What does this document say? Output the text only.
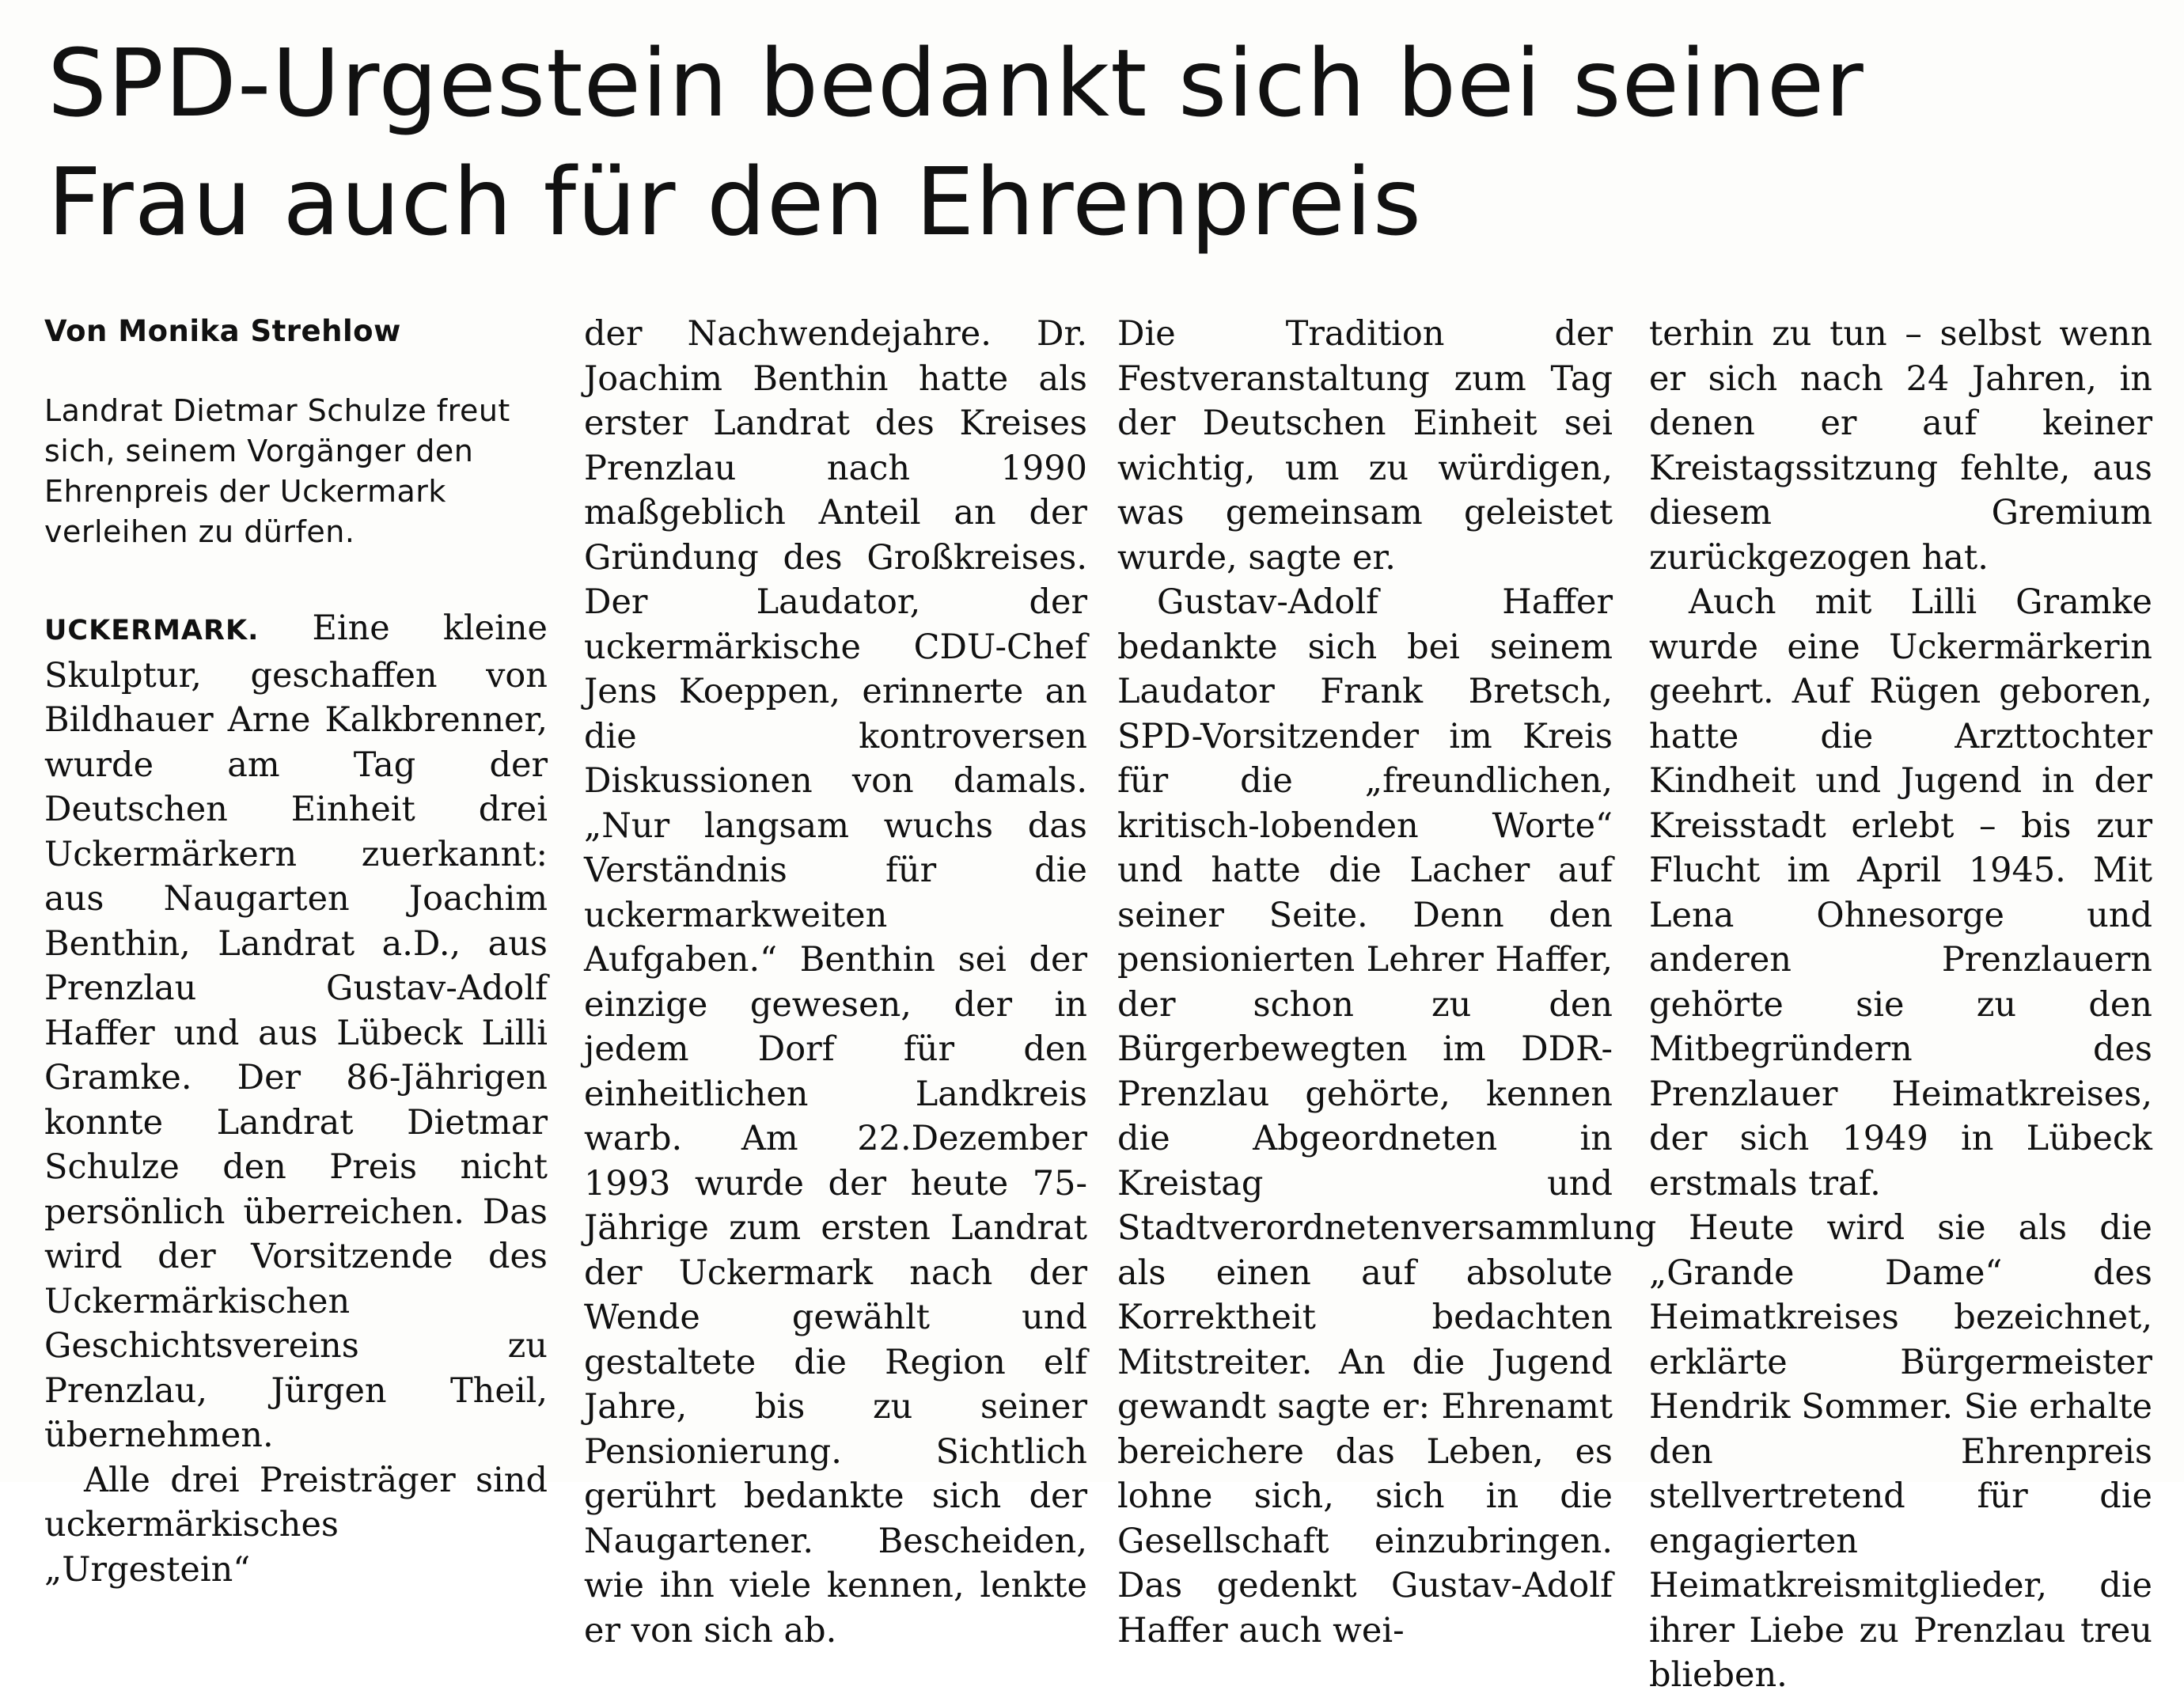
SPD-Urgestein bedankt sich bei seiner
Frau auch für den Ehrenpreis
Von Monika Strehlow
Landrat Dietmar Schulze freut sich, seinem Vorgänger den Ehrenpreis der Uckermark verleihen zu dürfen.

UCKERMARK. Eine kleine Skulptur, geschaffen von Bildhauer Arne Kalkbrenner, wurde am Tag der Deutschen Einheit drei Uckermärkern zuerkannt: aus Naugarten Joachim Benthin, Landrat a.D., aus Prenzlau Gustav-Adolf Haffer und aus Lübeck Lilli Gramke. Der 86-Jährigen konnte Landrat Dietmar Schulze den Preis nicht persönlich überreichen. Das wird der Vorsitzende des Uckermärkischen Geschichtsvereins zu Prenzlau, Jürgen Theil, übernehmen.

Alle drei Preisträger sind uckermärkisches „Urgestein“

der Nachwendejahre. Dr. Joachim Benthin hatte als erster Landrat des Kreises Prenzlau nach 1990 maßgeblich Anteil an der Gründung des Großkreises. Der Laudator, der uckermärkische CDU-Chef Jens Koeppen, erinnerte an die kontroversen Diskussionen von damals. „Nur langsam wuchs das Verständnis für die uckermarkweiten Aufgaben.“ Benthin sei der einzige gewesen, der in jedem Dorf für den einheitlichen Landkreis warb. Am 22.Dezember 1993 wurde der heute 75-Jährige zum ersten Landrat der Uckermark nach der Wende gewählt und gestaltete die Region elf Jahre, bis zu seiner Pensionierung. Sichtlich gerührt bedankte sich der Naugartener. Bescheiden, wie ihn viele kennen, lenkte er von sich ab.

Die Tradition der Festveranstaltung zum Tag der Deutschen Einheit sei wichtig, um zu würdigen, was gemeinsam geleistet wurde, sagte er.

Gustav-Adolf Haffer bedankte sich bei seinem Laudator Frank Bretsch, SPD-Vorsitzender im Kreis für die „freundlichen, kritisch-lobenden Worte“ und hatte die Lacher auf seiner Seite. Denn den pensionierten Lehrer Haffer, der schon zu den Bürgerbewegten im DDR-Prenzlau gehörte, kennen die Abgeordneten in Kreistag und Stadtverordnetenversammlung als einen auf absolute Korrektheit bedachten Mitstreiter. An die Jugend gewandt sagte er: Ehrenamt bereichere das Leben, es lohne sich, sich in die Gesellschaft einzubringen. Das gedenkt Gustav-Adolf Haffer auch wei-

terhin zu tun – selbst wenn er sich nach 24 Jahren, in denen er auf keiner Kreistagssitzung fehlte, aus diesem Gremium zurückgezogen hat.

Auch mit Lilli Gramke wurde eine Uckermärkerin geehrt. Auf Rügen geboren, hatte die Arzttochter Kindheit und Jugend in der Kreisstadt erlebt – bis zur Flucht im April 1945. Mit Lena Ohnesorge und anderen Prenzlauern gehörte sie zu den Mitbegründern des Prenzlauer Heimatkreises, der sich 1949 in Lübeck erstmals traf.

Heute wird sie als die „Grande Dame“ des Heimatkreises bezeichnet, erklärte Bürgermeister Hendrik Sommer. Sie erhalte den Ehrenpreis stellvertretend für die engagierten Heimatkreismitglieder, die ihrer Liebe zu Prenzlau treu blieben.
